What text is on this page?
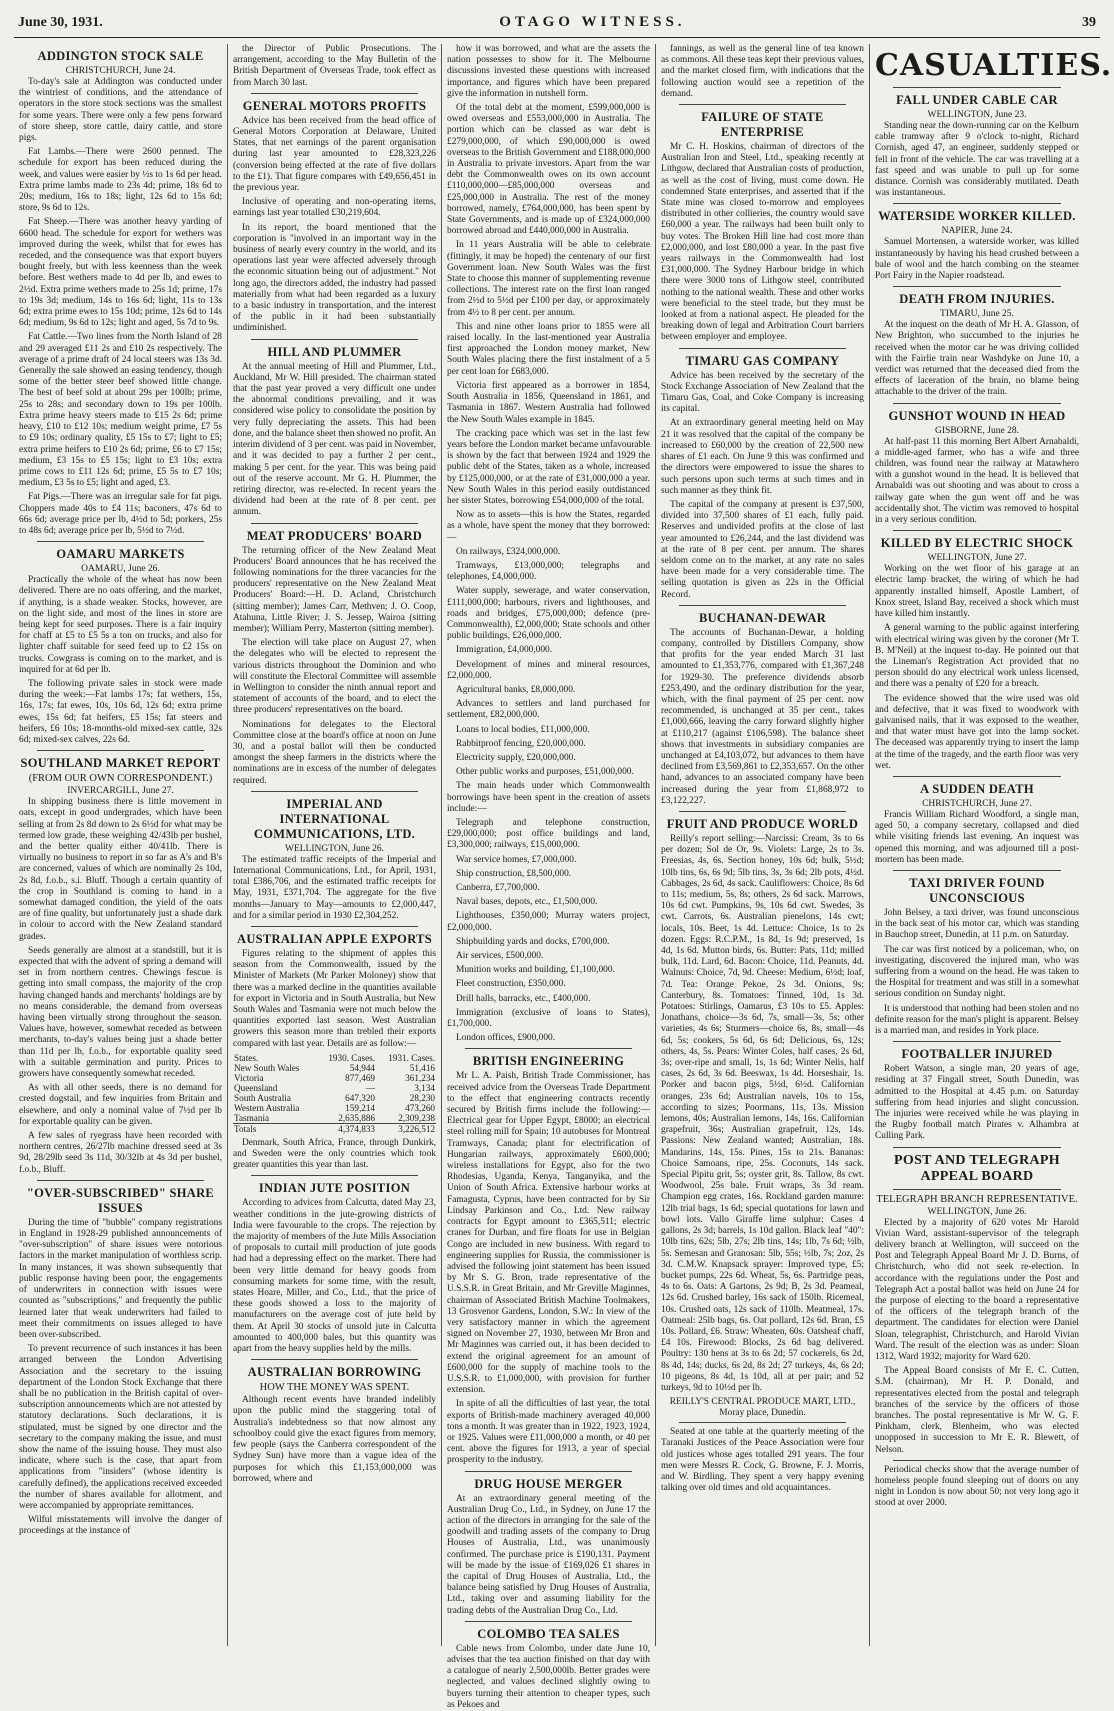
June 30, 1931.	OTAGO WITNESS.	39
ADDINGTON STOCK SALE
CHRISTCHURCH, June 24.

To-day's sale at Addington was conducted under the wintriest of conditions, and the attendance of operators in the store stock sections was the smallest for some years. There were only a few pens forward of store sheep, store cattle, dairy cattle, and store pigs.

Fat Lambs.—There were 2600 penned. The schedule for export has been reduced during the week, and values were easier by ½s to 1s 6d per head. Extra prime lambs made to 23s 4d; prime, 18s 6d to 20s; medium, 16s to 18s; light, 12s 6d to 15s 6d; store, 9s 6d to 12s.

Fat Sheep.—There was another heavy yarding of 6600 head. The schedule for export for wethers was improved during the week, whilst that for ewes has receded, and the consequence was that export buyers bought freely, but with less keenness than the week before. Best wethers made to 4d per lb, and ewes to 2½d. Extra prime wethers made to 25s 1d; prime, 17s to 19s 3d; medium, 14s to 16s 6d; light, 11s to 13s 6d; extra prime ewes to 15s 10d; prime, 12s 6d to 14s 6d; medium, 9s 6d to 12s; light and aged, 5s 7d to 9s.

Fat Cattle.—Two lines from the North Island of 28 and 29 averaged £11 2s and £10 2s respectively. The average of a prime draft of 24 local steers was 13s 3d. Generally the sale showed an easing tendency, though some of the better steer beef showed little change. The best of beef sold at about 29s per 100lb; prime, 25s to 28s; and secondary down to 19s per 100lb. Extra prime heavy steers made to £15 2s 6d; prime heavy, £10 to £12 10s; medium weight prime, £7 5s to £9 10s; ordinary quality, £5 15s to £7; light to £5; extra prime heifers to £10 2s 6d; prime, £6 to £7 15s; medium, £3 15s to £5 15s; light to £3 10s; extra prime cows to £11 12s 6d; prime, £5 5s to £7 10s; medium, £3 5s to £5; light and aged, £3.

Fat Pigs.—There was an irregular sale for fat pigs. Choppers made 40s to £4 11s; baconers, 47s 6d to 66s 6d; average price per lb, 4½d to 5d; porkers, 25s to 48s 6d; average price per lb, 5½d to 7½d.

OAMARU MARKETS
OAMARU, June 26.

Practically the whole of the wheat has now been delivered. There are no oats offering, and the market, if anything, is a shade weaker. Stocks, however, are on the light side, and most of the lines in store are being kept for seed purposes. There is a fair inquiry for chaff at £5 to £5 5s a ton on trucks, and also for lighter chaff suitable for seed feed up to £2 15s on trucks. Cowgrass is coming on to the market, and is inquired for at 6d per lb.

The following private sales in stock were made during the week:—Fat lambs 17s; fat wethers, 15s, 16s, 17s; fat ewes, 10s, 10s 6d, 12s 6d; extra prime ewes, 15s 6d; fat heifers, £5 15s; fat steers and heifers, £6 10s; 18-months-old mixed-sex cattle, 32s 6d; mixed-sex calves, 22s 6d.

SOUTHLAND MARKET REPORT
(FROM OUR OWN CORRESPONDENT.)
INVERCARGILL, June 27.

In shipping business there is little movement in oats, except in good undergrades, which have been selling at from 2s 8d down to 2s 6½d for what may be termed low grade, these weighing 42/43lb per bushel, and the better quality either 40/41lb. There is virtually no business to report in so far as A's and B's are concerned, values of which are nominally 2s 10d, 2s 8d, f.o.b., s.i. Bluff. Though a certain quantity of the crop in Southland is coming to hand in a somewhat damaged condition, the yield of the oats are of fine quality, but unfortunately just a shade dark in colour to accord with the New Zealand standard grades.

Seeds generally are almost at a standstill, but it is expected that with the advent of spring a demand will set in from northern centres. Chewings fescue is getting into small compass, the majority of the crop having changed hands and merchants' holdings are by no means considerable, the demand from overseas having been virtually strong throughout the season. Values have, however, somewhat receded as between merchants, to-day's values being just a shade better than 11d per lb, f.o.b., for exportable quality seed with a suitable germination and purity. Prices to growers have consequently somewhat receded.

As with all other seeds, there is no demand for crested dogstail, and few inquiries from Britain and elsewhere, and only a nominal value of 7½d per lb for exportable quality can be given.

A few sales of ryegrass have been recorded with northern centres, 26/27lb machine dressed seed at 3s 9d, 28/29lb seed 3s 11d, 30/32lb at 4s 3d per bushel, f.o.b., Bluff.

"OVER-SUBSCRIBED" SHARE ISSUES

During the time of "bubble" company registrations in England in 1928-29 published announcements of "over-subscription" of share issues were notorious factors in the market manipulation of worthless scrip. In many instances, it was shown subsequently that public response having been poor, the engagements of underwriters in connection with issues were counted as "subscriptions," and frequently the public learned later that weak underwriters had failed to meet their commitments on issues alleged to have been over-subscribed.

To prevent recurrence of such instances it has been arranged between the London Advertising Association and the secretary to the issuing department of the London Stock Exchange that there shall be no publication in the British capital of over-subscription announcements which are not attested by statutory declarations. Such declarations, it is stipulated, must be signed by one director and the secretary to the company making the issue, and must show the name of the issuing house. They must also indicate, where such is the case, that apart from applications from "insiders" (whose identity is carefully defined), the applications received exceeded the number of shares available for allotment, and were accompanied by appropriate remittances.

Wilful misstatements will involve the danger of proceedings at the instance of

the Director of Public Prosecutions. The arrangement, according to the May Bulletin of the British Department of Overseas Trade, took effect as from March 30 last.

GENERAL MOTORS PROFITS

Advice has been received from the head office of General Motors Corporation at Delaware, United States, that net earnings of the parent organisation during last year amounted to £28,323,226 (conversion being effected at the rate of five dollars to the £1). That figure compares with £49,656,451 in the previous year.

Inclusive of operating and non-operating items, earnings last year totalled £30,219,604.

In its report, the board mentioned that the corporation is "involved in an important way in the business of nearly every country in the world, and its operations last year were affected adversely through the economic situation being out of adjustment." Not long ago, the directors added, the industry had passed materially from what had been regarded as a luxury to a basic industry in transportation, and the interest of the public in it had been substantially undiminished.

HILL AND PLUMMER

At the annual meeting of Hill and Plummer, Ltd., Auckland, Mr W. Hill presided. The chairman stated that the past year proved a very difficult one under the abnormal conditions prevailing, and it was considered wise policy to consolidate the position by very fully depreciating the assets. This had been done, and the balance sheet then showed no profit. An interim dividend of 3 per cent. was paid in November, and it was decided to pay a further 2 per cent., making 5 per cent. for the year. This was being paid out of the reserve account. Mr G. H. Plummer, the retiring director, was re-elected. In recent years the dividend had been at the rate of 8 per cent. per annum.

MEAT PRODUCERS' BOARD

The returning officer of the New Zealand Meat Producers' Board announces that he has received the following nominations for the three vacancies for the producers' representative on the New Zealand Meat Producers' Board:—H. D. Acland, Christchurch (sitting member); James Carr, Methven; J. O. Coop, Atahuna, Little River; J. S. Jessep, Wairoa (sitting member); William Perry, Masterton (sitting member).

The election will take place on August 27, when the delegates who will be elected to represent the various districts throughout the Dominion and who will constitute the Electoral Committee will assemble in Wellington to consider the ninth annual report and statement of accounts of the board, and to elect the three producers' representatives on the board.

Nominations for delegates to the Electoral Committee close at the board's office at noon on June 30, and a postal ballot will then be conducted amongst the sheep farmers in the districts where the nominations are in excess of the number of delegates required.

IMPERIAL AND INTERNATIONAL COMMUNICATIONS, LTD.
WELLINGTON, June 26.

The estimated traffic receipts of the Imperial and International Communications, Ltd., for April, 1931, total £386,706, and the estimated traffic receipts for May, 1931, £371,704. The aggregate for the five months—January to May—amounts to £2,000,447, and for a similar period in 1930 £2,304,252.

AUSTRALIAN APPLE EXPORTS

Figures relating to the shipment of apples this season from the Commonwealth, issued by the Minister of Markets (Mr Parker Moloney) show that there was a marked decline in the quantities available for export in Victoria and in South Australia, but New South Wales and Tasmania were not much below the quantities exported last season. West Australian growers this season more than trebled their exports compared with last year. Details are as follow:—

States.	1930. Cases.	1931. Cases.
New South Wales	54,944	51,416
Victoria	877,469	361,234
Queensland	—	3,134
South Australia	647,320	28,230
Western Australia	159,214	473,260
Tasmania	2,635,886	2,309,238
Totals	4,374,833	3,226,512

Denmark, South Africa, France, through Dunkirk, and Sweden were the only countries which took greater quantities this year than last.

INDIAN JUTE POSITION

According to advices from Calcutta, dated May 23, weather conditions in the jute-growing districts of India were favourable to the crops. The rejection by the majority of members of the Jute Mills Association of proposals to curtail mill production of jute goods had had a depressing effect on the market. There had been very little demand for heavy goods from consuming markets for some time, with the result, states Hoare, Miller, and Co., Ltd., that the price of these goods showed a loss to the majority of manufacturers on the average cost of jute held by them. At April 30 stocks of unsold jute in Calcutta amounted to 400,000 bales, but this quantity was apart from the heavy supplies held by the mills.

AUSTRALIAN BORROWING
HOW THE MONEY WAS SPENT.

Although recent events have branded indelibly upon the public mind the staggering total of Australia's indebtedness so that now almost any schoolboy could give the exact figures from memory, few people (says the Canberra correspondent of the Sydney Sun) have more than a vague idea of the purposes for which this £1,153,000,000 was borrowed, where and

how it was borrowed, and what are the assets the nation possesses to show for it. The Melbourne discussions invested these questions with increased importance, and figures which have been prepared give the information in nutshell form.

Of the total debt at the moment, £599,000,000 is owed overseas and £553,000,000 in Australia. The portion which can be classed as war debt is £279,000,000, of which £90,000,000 is owed overseas to the British Government and £188,000,000 in Australia to private investors. Apart from the war debt the Commonwealth owes on its own account £110,000,000—£85,000,000 overseas and £25,000,000 in Australia. The rest of the money borrowed, namely, £764,000,000, has been spent by State Governments, and is made up of £324,000,000 borrowed abroad and £440,000,000 in Australia.

In 11 years Australia will be able to celebrate (fittingly, it may be hoped) the centenary of our first Government loan. New South Wales was the first State to choose this manner of supplementing revenue collections. The interest rate on the first loan ranged from 2½d to 5½d per £100 per day, or approximately from 4½ to 8 per cent. per annum.

This and nine other loans prior to 1855 were all raised locally. In the last-mentioned year Australia first approached the London money market, New South Wales placing there the first instalment of a 5 per cent loan for £683,000.

Victoria first appeared as a borrower in 1854, South Australia in 1856, Queensland in 1861, and Tasmania in 1867. Western Australia had followed the New South Wales example in 1845.

The cracking pace which was set in the last few years before the London market became unfavourable is shown by the fact that between 1924 and 1929 the public debt of the States, taken as a whole, increased by £125,000,000, or at the rate of £31,000,000 a year. New South Wales in this period easily outdistanced her sister States, borrowing £54,000,000 of the total.

Now as to assets—this is how the States, regarded as a whole, have spent the money that they borrowed:—

On railways, £324,000,000.

Tramways, £13,000,000; telegraphs and telephones, £4,000,000.

Water supply, sewerage, and water conservation, £111,000,000; harbours, rivers and lighthouses, and roads and bridges, £75,000,000; defence (pre-Commonwealth), £2,000,000; State schools and other public buildings, £26,000,000.

Immigration, £4,000,000.

Development of mines and mineral resources, £2,000,000.

Agricultural banks, £8,000,000.

Advances to settlers and land purchased for settlement, £82,000,000.

Loans to local bodies, £11,000,000.

Rabbitproof fencing, £20,000,000.

Electricity supply, £20,000,000.

Other public works and purposes, £51,000,000.

The main heads under which Commonwealth borrowings have been spent in the creation of assets include:—

Telegraph and telephone construction, £29,000,000; post office buildings and land, £3,300,000; railways, £15,000,000.

War service homes, £7,000,000.

Ship construction, £8,500,000.

Canberra, £7,700,000.

Naval bases, depots, etc., £1,500,000.

Lighthouses, £350,000; Murray waters project, £2,000,000.

Shipbuilding yards and docks, £700,000.

Air services, £500,000.

Munition works and building, £1,100,000.

Fleet construction, £350,000.

Drill halls, barracks, etc., £400,000.

Immigration (exclusive of loans to States), £1,700,000.

London offices, £900,000.

BRITISH ENGINEERING

Mr L. A. Paish, British Trade Commissioner, has received advice from the Overseas Trade Department to the effect that engineering contracts recently secured by British firms include the following:—Electrical gear for Upper Egypt, £8000; an electrical steel rolling mill for Spain; 10 autobuses for Montreal Tramways, Canada; plant for electrification of Hungarian railways, approximately £600,000; wireless installations for Egypt, also for the two Rhodesias, Uganda, Kenya, Tanganyika, and the Union of South Africa. Extensive harbour works at Famagusta, Cyprus, have been contracted for by Sir Lindsay Parkinson and Co., Ltd. New railway contracts for Egypt amount to £365,511; electric cranes for Durban, and fire floats for use in Belgian Congo are included in new business. With regard to engineering supplies for Russia, the commissioner is advised the following joint statement has been issued by Mr S. G. Bron, trade representative of the U.S.S.R. in Great Britain, and Mr Greville Maginnes, chairman of Associated British Machine Toolmakers, 13 Grosvenor Gardens, London, S.W.: In view of the very satisfactory manner in which the agreement signed on November 27, 1930, between Mr Bron and Mr Maginnes was carried out, it has been decided to extend the original agreement for an amount of £600,000 for the supply of machine tools to the U.S.S.R. to £1,000,000, with provision for further extension.

In spite of all the difficulties of last year, the total exports of British-made machinery averaged 40,000 tons a month. It was greater than in 1922, 1923, 1924, or 1925. Values were £11,000,000 a month, or 40 per cent. above the figures for 1913, a year of special prosperity to the industry.

DRUG HOUSE MERGER

At an extraordinary general meeting of the Australian Drug Co., Ltd., in Sydney, on June 17 the action of the directors in arranging for the sale of the goodwill and trading assets of the company to Drug Houses of Australia, Ltd., was unanimously confirmed. The purchase price is £190,131. Payment will be made by the issue of £169,026 £1 shares in the capital of Drug Houses of Australia, Ltd., the balance being satisfied by Drug Houses of Australia, Ltd., taking over and assuming liability for the trading debts of the Australian Drug Co., Ltd.

COLOMBO TEA SALES

Cable news from Colombo, under date June 10, advises that the tea auction finished on that day with a catalogue of nearly 2,500,000lb. Better grades were neglected, and values declined slightly owing to buyers turning their attention to cheaper types, such as Pekoes and

fannings, as well as the general line of tea known as commons. All these teas kept their previous values, and the market closed firm, with indications that the following auction would see a repetition of the demand.

FAILURE OF STATE ENTERPRISE

Mr C. H. Hoskins, chairman of directors of the Australian Iron and Steel, Ltd., speaking recently at Lithgow, declared that Australian costs of production, as well as the cost of living, must come down. He condemned State enterprises, and asserted that if the State mine was closed to-morrow and employees distributed in other collieries, the country would save £60,000 a year. The railways had been built only to buy votes. The Broken Hill line had cost more than £2,000,000, and lost £80,000 a year. In the past five years railways in the Commonwealth had lost £31,000,000. The Sydney Harbour bridge in which there were 3000 tons of Lithgow steel, contributed nothing to the national wealth. These and other works were beneficial to the steel trade, but they must be looked at from a national aspect. He pleaded for the breaking down of legal and Arbitration Court barriers between employer and employee.

TIMARU GAS COMPANY

Advice has been received by the secretary of the Stock Exchange Association of New Zealand that the Timaru Gas, Coal, and Coke Company is increasing its capital.

At an extraordinary general meeting held on May 21 it was resolved that the capital of the company be increased to £60,000 by the creation of 22,500 new shares of £1 each. On June 9 this was confirmed and the directors were empowered to issue the shares to such persons upon such terms at such times and in such manner as they think fit.

The capital of the company at present is £37,500, divided into 37,500 shares of £1 each, fully paid. Reserves and undivided profits at the close of last year amounted to £26,244, and the last dividend was at the rate of 8 per cent. per annum. The shares seldom come on to the market, at any rate no sales have been made for a very considerable time. The selling quotation is given as 22s in the Official Record.

BUCHANAN-DEWAR

The accounts of Buchanan-Dewar, a holding company, controlled by Distillers Company, show that profits for the year ended March 31 last amounted to £1,353,776, compared with £1,367,248 for 1929-30. The preference dividends absorb £253,490, and the ordinary distribution for the year, which, with the final payment of 25 per cent. now recommended, is unchanged at 35 per cent., takes £1,000,666, leaving the carry forward slightly higher at £110,217 (against £106,598). The balance sheet shows that investments in subsidiary companies are unchanged at £4,103,072, but advances to them have declined from £3,569,861 to £2,353,657. On the other hand, advances to an associated company have been increased during the year from £1,868,972 to £3,122,227.

FRUIT AND PRODUCE WORLD

Reilly's report selling:—Narcissi: Cream, 3s to 6s per dozen; Sol de Or, 9s. Violets: Large, 2s to 3s. Freesias, 4s, 6s. Section honey, 10s 6d; bulk, 5½d; 10lb tins, 6s, 6s 9d; 5lb tins, 3s, 3s 6d; 2lb pots, 4½d. Cabbages, 2s 6d, 4s sack. Cauliflowers: Choice, 8s 6d to 11s; medium, 5s, 8s; others, 2s 6d sack. Marrows, 10s 6d cwt. Pumpkins, 9s, 10s 6d cwt. Swedes, 3s cwt. Carrots, 6s. Australian pienelons, 14s cwt; locals, 10s. Beet, 1s 4d. Lettuce: Choice, 1s to 2s dozen. Eggs: R.C.P.M., 1s 8d, 1s 9d; preserved, 1s 4d, 1s 6d. Mutton birds, 6s. Butter: Pats, 11d; milled bulk, 11d. Lard, 6d. Bacon: Choice, 11d. Peanuts, 4d. Walnuts: Choice, 7d, 9d. Cheese: Medium, 6½d; loaf, 7d. Tea: Orange Pekoe, 2s 3d. Onions, 9s; Canterbury, 8s. Tomatoes: Tinned, 10d, 1s 3d. Potatoes: Stirlings, Oamarus, £3 10s to £5. Apples: Jonathans, choice—3s 6d, 7s, small—3s, 5s; other varieties, 4s 6s; Sturmers—choice 6s, 8s, small—4s 6d, 5s; cookers, 5s 6d, 6s 6d; Delicious, 6s, 12s; others, 4s, 5s. Pears: Winter Coles, half cases, 2s 6d, 3s; over-ripe and small, 1s, 1s 6d; Winter Nelis, half cases, 2s 6d, 3s 6d. Beeswax, 1s 4d. Horseshair, 1s. Porker and bacon pigs, 5½d, 6½d. Californian oranges, 23s 6d; Australian navels, 10s to 15s, according to sizes; Poormans, 11s, 13s. Mission lemons, 40s; Australian lemons, 14s, 16s. Californian grapefruit, 36s; Australian grapefruit, 12s, 14s. Passions: New Zealand wanted; Australian, 18s. Mandarins, 14s, 15s. Pines, 15s to 21s. Bananas: Choice Samoans, ripe, 25s. Coconuts, 14s sack. Special Pipitu grit, 5s; oyster grit, 8s. Tallow, 8s cwt. Woodwool, 25s bale. Fruit wraps, 3s 3d ream. Champion egg crates, 16s. Rockland garden manure: 12lb trial bags, 1s 6d; special quotations for lawn and bowl lots. Vallo Giraffe lime sulphur: Cases 4 gallons, 2s 3d; barrels, 1s 10d gallon. Black leaf "40": 10lb tins, 62s; 5lb, 27s; 2lb tins, 14s; 1lb, 7s 6d; ½lb, 5s. Semesan and Granosan: 5lb, 55s; ½lb, 7s; 2oz, 2s 3d. C.M.W. Knapsack sprayer: Improved type, £5; bucket pumps, 22s 6d. Wheat, 5s, 6s. Partridge peas, 4s to 6s. Oats: A Gartons, 2s 9d; B, 2s 3d. Peameal, 12s 6d. Crushed barley, 16s sack of 150lb. Ricemeal, 10s. Crushed oats, 12s sack of 110lb. Meatmeal, 17s. Oatmeal: 25lb bags, 6s. Oat pollard, 12s 6d. Bran, £5 10s. Pollard, £6. Straw: Wheaten, 60s. Oatsheaf chaff, £4 10s. Firewood: Blocks, 2s 6d bag delivered. Poultry: 130 hens at 3s to 6s 2d; 57 cockerels, 6s 2d, 8s 4d, 14s; ducks, 6s 2d, 8s 2d; 27 turkeys, 4s, 6s 2d; 10 pigeons, 8s 4d, 1s 10d, all at per pair; and 52 turkeys, 9d to 10½d per lb.

REILLY'S CENTRAL PRODUCE MART, LTD.,
Moray place, Dunedin.

Seated at one table at the quarterly meeting of the Taranaki Justices of the Peace Association were four old justices whose ages totalled 291 years. The four men were Messrs R. Cock, G. Browne, F. J. Morris, and W. Birdling. They spent a very happy evening talking over old times and old acquaintances.

CASUALTIES.
FALL UNDER CABLE CAR
WELLINGTON, June 23.

Standing near the down-running car on the Kelburn cable tramway after 9 o'clock to-night, Richard Cornish, aged 47, an engineer, suddenly stepped or fell in front of the vehicle. The car was travelling at a fast speed and was unable to pull up for some distance. Cornish was considerably mutilated. Death was instantaneous.

WATERSIDE WORKER KILLED.
NAPIER, June 24.

Samuel Mortensen, a waterside worker, was killed instantaneously by having his head crushed between a bale of wool and the hatch combing on the steamer Port Fairy in the Napier roadstead.

DEATH FROM INJURIES.
TIMARU, June 25.

At the inquest on the death of Mr H. A. Glasson, of New Brighton, who succumbed to the injuries he received when the motor car he was driving collided with the Fairlie train near Washdyke on June 10, a verdict was returned that the deceased died from the effects of laceration of the brain, no blame being attachable to the driver of the train.

GUNSHOT WOUND IN HEAD
GISBORNE, June 28.

At half-past 11 this morning Bert Albert Arnabaldi, a middle-aged farmer, who has a wife and three children, was found near the railway at Matawhero with a gunshot wound in the head. It is believed that Arnabaldi was out shooting and was about to cross a railway gate when the gun went off and he was accidentally shot. The victim was removed to hospital in a very serious condition.

KILLED BY ELECTRIC SHOCK
WELLINGTON, June 27.

Working on the wet floor of his garage at an electric lamp bracket, the wiring of which he had apparently installed himself, Apostle Lambert, of Knox street, Island Bay, received a shock which must have killed him instantly.

A general warning to the public against interfering with electrical wiring was given by the coroner (Mr T. B. M'Neil) at the inquest to-day. He pointed out that the Lineman's Registration Act provided that no person should do any electrical work unless licensed, and there was a penalty of £20 for a breach.

The evidence showed that the wire used was old and defective, that it was fixed to woodwork with galvanised nails, that it was exposed to the weather, and that water must have got into the lamp socket. The deceased was apparently trying to insert the lamp at the time of the tragedy, and the earth floor was very wet.

A SUDDEN DEATH
CHRISTCHURCH, June 27.

Francis William Richard Woodford, a single man, aged 50, a company secretary, collapsed and died while visiting friends last evening. An inquest was opened this morning, and was adjourned till a post-mortem has been made.

TAXI DRIVER FOUND UNCONSCIOUS

John Belsey, a taxi driver, was found unconscious in the back seat of his motor car, which was standing in Bauchop street, Dunedin, at 11 p.m. on Saturday.

The car was first noticed by a policeman, who, on investigating, discovered the injured man, who was suffering from a wound on the head. He was taken to the Hospital for treatment and was still in a somewhat serious condition on Sunday night.

It is understood that nothing had been stolen and no definite reason for the man's plight is apparent. Belsey is a married man, and resides in York place.

FOOTBALLER INJURED

Robert Watson, a single man, 20 years of age, residing at 37 Fingall street, South Dunedin, was admitted to the Hospital at 4.45 p.m. on Saturday suffering from head injuries and slight concussion. The injuries were received while he was playing in the Rugby football match Pirates v. Alhambra at Culling Park.

POST AND TELEGRAPH APPEAL BOARD
TELEGRAPH BRANCH REPRESENTATIVE.
WELLINGTON, June 26.

Elected by a majority of 620 votes Mr Harold Vivian Ward, assistant-supervisor of the telegraph delivery branch at Wellington, will succeed on the Post and Telegraph Appeal Board Mr J. D. Burns, of Christchurch, who did not seek re-election. In accordance with the regulations under the Post and Telegraph Act a postal ballot was held on June 24 for the purpose of electing to the board a representative of the officers of the telegraph branch of the department. The candidates for election were Daniel Sloan, telegraphist, Christchurch, and Harold Vivian Ward. The result of the election was as under: Sloan 1312, Ward 1932; majority for Ward 620.

The Appeal Board consists of Mr E. C. Cutten, S.M. (chairman), Mr H. P. Donald, and representatives elected from the postal and telegraph branches of the service by the officers of those branches. The postal representative is Mr W. G. F. Pinkham, clerk, Blenheim, who was elected unopposed in succession to Mr E. R. Blewett, of Nelson.

Periodical checks show that the average number of homeless people found sleeping out of doors on any night in London is now about 50; not very long ago it stood at over 2000.
